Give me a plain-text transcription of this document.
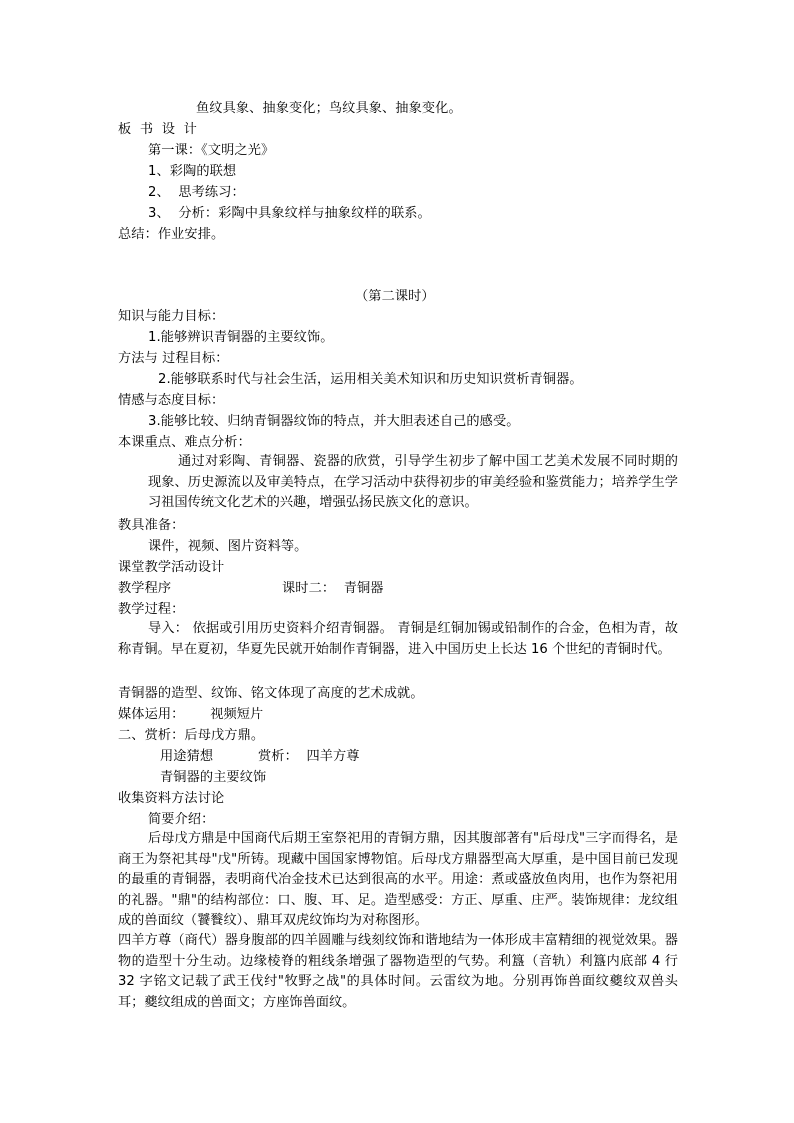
鱼纹具象、抽象变化；鸟纹具象、抽象变化。
板  书  设  计
第一课：《文明之光》
1、彩陶的联想
2、  思考练习：
3、  分析：彩陶中具象纹样与抽象纹样的联系。
总结：作业安排。
（第二课时）
知识与能力目标：
1.能够辨识青铜器的主要纹饰。
方法与 过程目标：
2.能够联系时代与社会生活，运用相关美术知识和历史知识赏析青铜器。
情感与态度目标：
3.能够比较、归纳青铜器纹饰的特点，并大胆表述自己的感受。
本课重点、难点分析：
通过对彩陶、青铜器、瓷器的欣赏，引导学生初步了解中国工艺美术发展不同时期的现象、历史源流以及审美特点，在学习活动中获得初步的审美经验和鉴赏能力；培养学生学习祖国传统文化艺术的兴趣，增强弘扬民族文化的意识。
教具准备：
课件，视频、图片资料等。
课堂教学活动设计
教学程序	课时二：  青铜器
教学过程：
导入： 依据或引用历史资料介绍青铜器。 青铜是红铜加锡或铅制作的合金，色相为青，故称青铜。早在夏初，华夏先民就开始制作青铜器，进入中国历史上长达 16 个世纪的青铜时代。
青铜器的造型、纹饰、铭文体现了高度的艺术成就。
媒体运用：      视频短片
二、赏析：后母戊方鼎。
用途猜想	赏析：  四羊方尊
青铜器的主要纹饰
收集资料方法讨论
简要介绍：
后母戊方鼎是中国商代后期王室祭祀用的青铜方鼎，因其腹部著有"后母戊"三字而得名，是商王为祭祀其母"戊"所铸。现藏中国国家博物馆。后母戊方鼎器型高大厚重，是中国目前已发现的最重的青铜器，表明商代冶金技术已达到很高的水平。用途：煮或盛放鱼肉用，也作为祭祀用的礼器。"鼎"的结构部位：口、腹、耳、足。造型感受：方正、厚重、庄严。装饰规律：龙纹组成的兽面纹（饕餮纹）、鼎耳双虎纹饰均为对称图形。
四羊方尊（商代）器身腹部的四羊圆雕与线刻纹饰和谐地结为一体形成丰富精细的视觉效果。器物的造型十分生动。边缘棱脊的粗线条增强了器物造型的气势。利簋（音轨）利簋内底部 4 行 32 字铭文记载了武王伐纣"牧野之战"的具体时间。云雷纹为地。分别再饰兽面纹夔纹双兽头耳；夔纹组成的兽面文；方座饰兽面纹。
